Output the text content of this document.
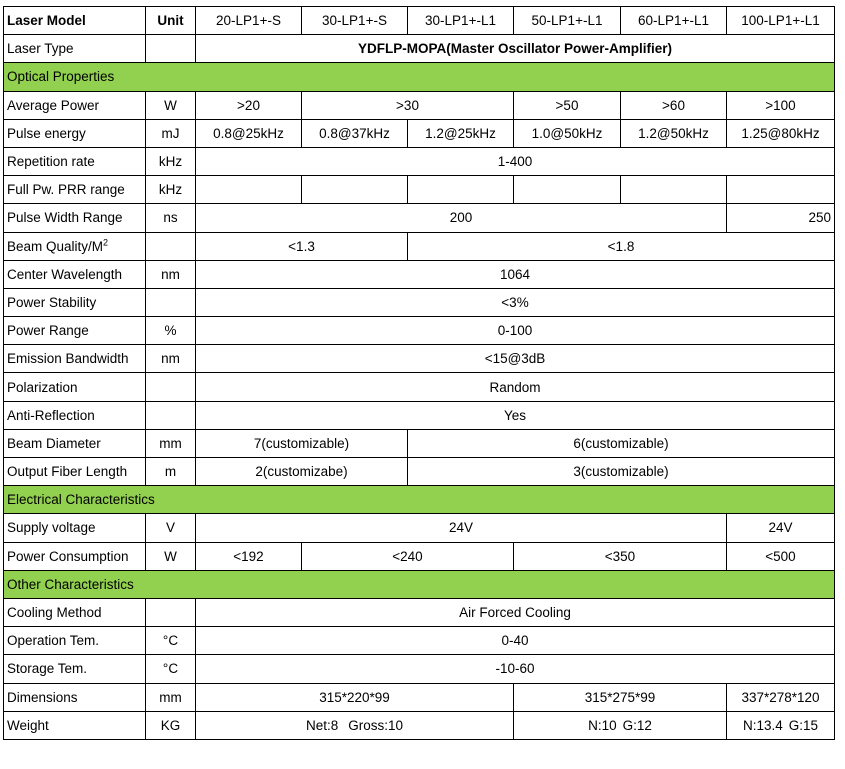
Laser Model	Unit	20-LP1+-S	30-LP1+-S	30-LP1+-L1	50-LP1+-L1	60-LP1+-L1	100-LP1+-L1
Laser Type		YDFLP-MOPA(Master Oscillator Power-Amplifier)					
Optical Properties							
Average Power	W	>20	>30		>50	>60	>100
Pulse energy	mJ	0.8@25kHz	0.8@37kHz	1.2@25kHz	1.0@50kHz	1.2@50kHz	1.25@80kHz
Repetition rate	kHz	1-400					
Full Pw. PRR range	kHz						
Pulse Width Range	ns	200					250
Beam Quality/$M^2$		<1.3		<1.8			
Center Wavelength	nm	1064					
Power Stability		<3%					
Power Range	%	0-100					
Emission Bandwidth	nm	<15@3dB					
Polarization		Random					
Anti-Reflection		Yes					
Beam Diameter	mm	7(customizable)		6(customizable)			
Output Fiber Length	m	2(customizabe)		3(customizable)			
Electrical Characteristics							
Supply voltage	V	24V					24V
Power Consumption	W	<192	<240		<350		<500
Other Characteristics							
Cooling Method		Air Forced Cooling					
Operation Tem.	°C	0-40					
Storage Tem.	°C	-10-60					
Dimensions	mm	315*220*99			315*275*99		337*278*120
Weight	KG	Net:8 Gross:10			N:10 G:12		N:13.4 G:15
